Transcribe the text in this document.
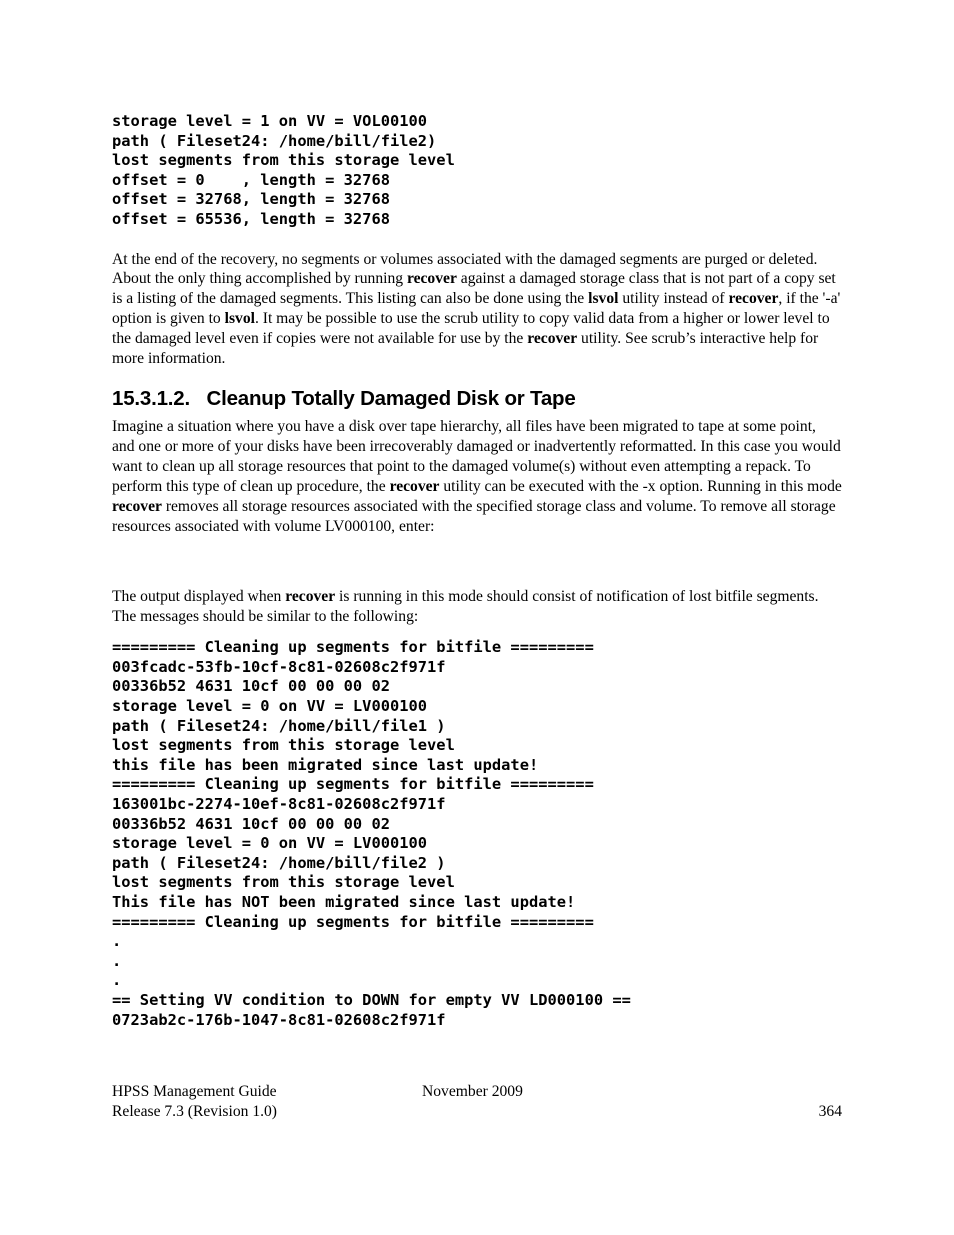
storage level = 1 on VV = VOL00100
path ( Fileset24: /home/bill/file2)
lost segments from this storage level
offset = 0    , length = 32768
offset = 32768, length = 32768
offset = 65536, length = 32768

At the end of the recovery, no segments or volumes associated with the damaged segments are purged or deleted. About the only thing accomplished by running recover against a damaged storage class that is not part of a copy set is a listing of the damaged segments. This listing can also be done using the lsvol utility instead of recover, if the '-a' option is given to lsvol. It may be possible to use the scrub utility to copy valid data from a higher or lower level to the damaged level even if copies were not available for use by the recover utility. See scrub’s interactive help for more information.

15.3.1.2.   Cleanup Totally Damaged Disk or Tape

Imagine a situation where you have a disk over tape hierarchy, all files have been migrated to tape at some point, and one or more of your disks have been irrecoverably damaged or inadvertently reformatted. In this case you would want to clean up all storage resources that point to the damaged volume(s) without even attempting a repack. To perform this type of clean up procedure, the recover utility can be executed with the -x option. Running in this mode recover removes all storage resources associated with the specified storage class and volume. To remove all storage resources associated with volume LV000100, enter:

The output displayed when recover is running in this mode should consist of notification of lost bitfile segments. The messages should be similar to the following:

========= Cleaning up segments for bitfile =========
003fcadc-53fb-10cf-8c81-02608c2f971f
00336b52 4631 10cf 00 00 00 02
storage level = 0 on VV = LV000100
path ( Fileset24: /home/bill/file1 )
lost segments from this storage level
this file has been migrated since last update!
========= Cleaning up segments for bitfile =========
163001bc-2274-10ef-8c81-02608c2f971f
00336b52 4631 10cf 00 00 00 02
storage level = 0 on VV = LV000100
path ( Fileset24: /home/bill/file2 )
lost segments from this storage level
This file has NOT been migrated since last update!
========= Cleaning up segments for bitfile =========
.
.
.
== Setting VV condition to DOWN for empty VV LD000100 ==
0723ab2c-176b-1047-8c81-02608c2f971f
HPSS Management Guide	November 2009
Release 7.3 (Revision 1.0)	364
